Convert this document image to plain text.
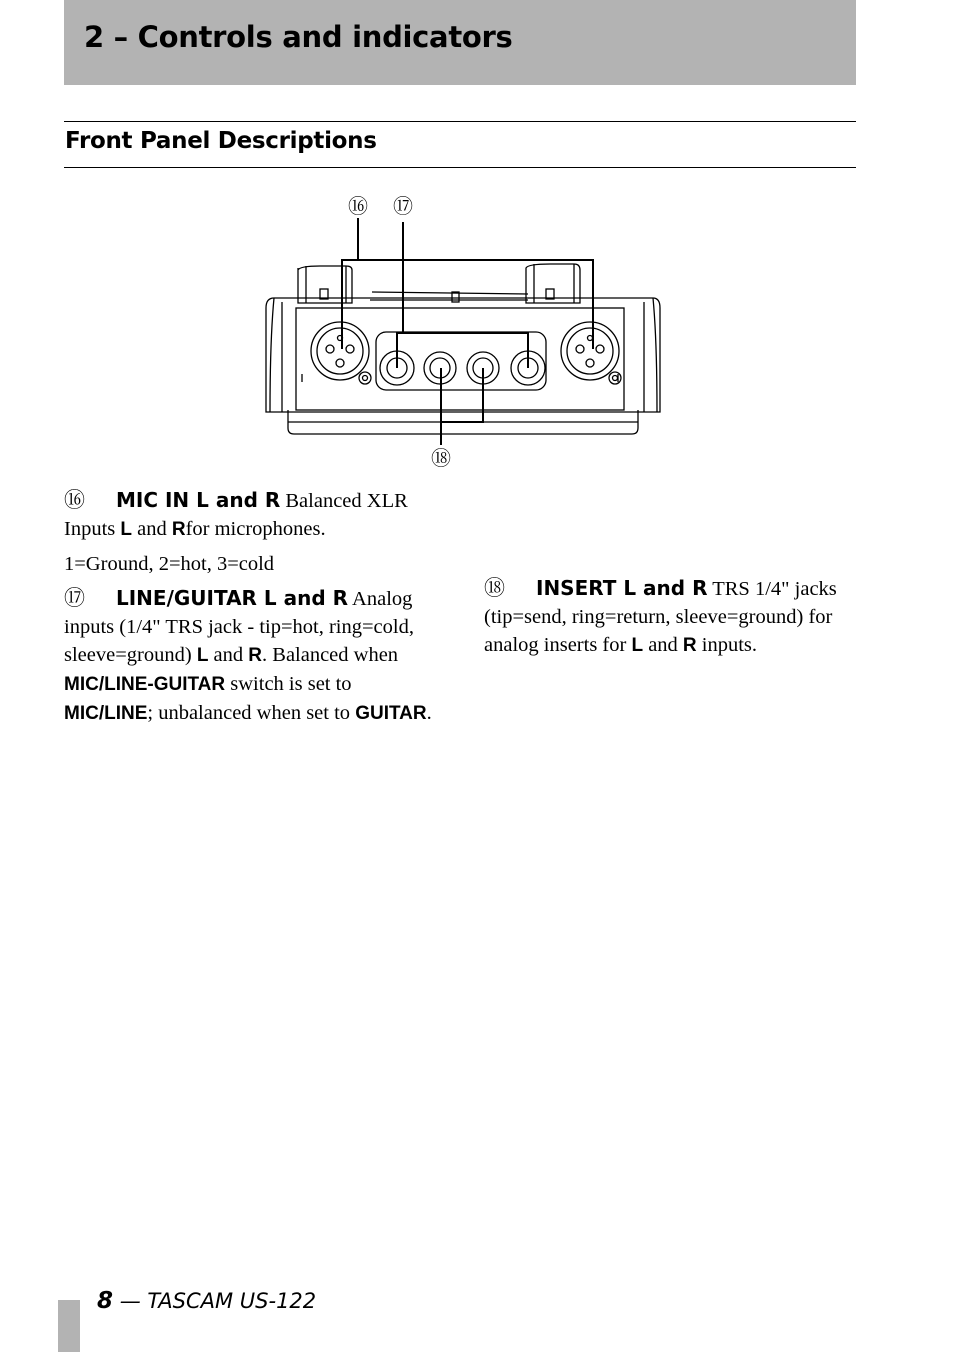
2 – Controls and indicators
Front Panel Descriptions
⑯ ⑰
⑱

⑯ MIC IN L and R Balanced XLR Inputs L and Rfor microphones.

1=Ground, 2=hot, 3=cold

⑰ LINE/GUITAR L and R Analog inputs (1/4" TRS jack - tip=hot, ring=cold, sleeve=ground) L and R. Balanced when MIC/LINE-GUITAR switch is set to MIC/LINE; unbalanced when set to GUITAR.

⑱ INSERT L and R TRS 1/4" jacks (tip=send, ring=return, sleeve=ground) for analog inserts for L and R inputs.

8 — TASCAM US-122
